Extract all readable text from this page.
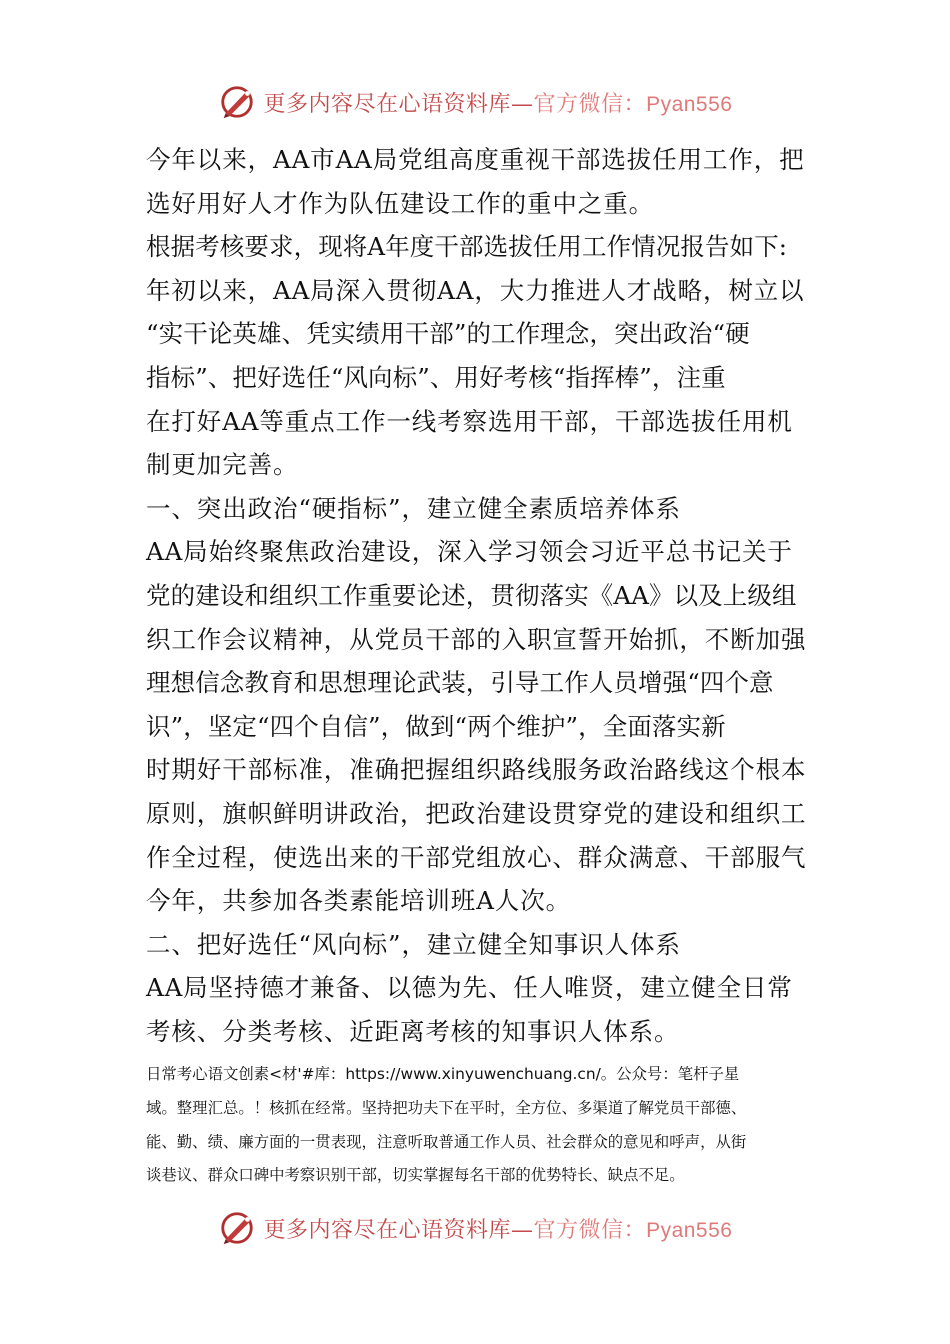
更多内容尽在心语资料库—官方微信：Pyan556
今年以来，AA市AA局党组高度重视干部选拔任用工作，把
选好用好人才作为队伍建设工作的重中之重。
根据考核要求，现将A年度干部选拔任用工作情况报告如下:
年初以来，AA局深入贯彻AA，大力推进人才战略，树立以
“实干论英雄、凭实绩用干部”的工作理念，突出政治“硬
指标”、把好选任“风向标”、用好考核“指挥棒”，注重
在打好AA等重点工作一线考察选用干部，干部选拔任用机
制更加完善。
一、突出政治“硬指标”，建立健全素质培养体系
AA局始终聚焦政治建设，深入学习领会习近平总书记关于
党的建设和组织工作重要论述，贯彻落实《AA》以及上级组
织工作会议精神，从党员干部的入职宣誓开始抓，不断加强
理想信念教育和思想理论武装，引导工作人员增强“四个意
识”，坚定“四个自信”，做到“两个维护”，全面落实新
时期好干部标准，准确把握组织路线服务政治路线这个根本
原则，旗帜鲜明讲政治，把政治建设贯穿党的建设和组织工
作全过程，使选出来的干部党组放心、群众满意、干部服气
今年，共参加各类素能培训班A人次。
二、把好选任“风向标”，建立健全知事识人体系
AA局坚持德才兼备、以德为先、任人唯贤，建立健全日常
考核、分类考核、近距离考核的知事识人体系。
日常考心语文创素<材'#库：https://www.xinyuwenchuang.cn/。公众号：笔杆子星
域。整理汇总。！核抓在经常。坚持把功夫下在平时，全方位、多渠道了解党员干部德、
能、勤、绩、廉方面的一贯表现，注意听取普通工作人员、社会群众的意见和呼声，从街
谈巷议、群众口碑中考察识别干部，切实掌握每名干部的优势特长、缺点不足。
更多内容尽在心语资料库—官方微信：Pyan556
